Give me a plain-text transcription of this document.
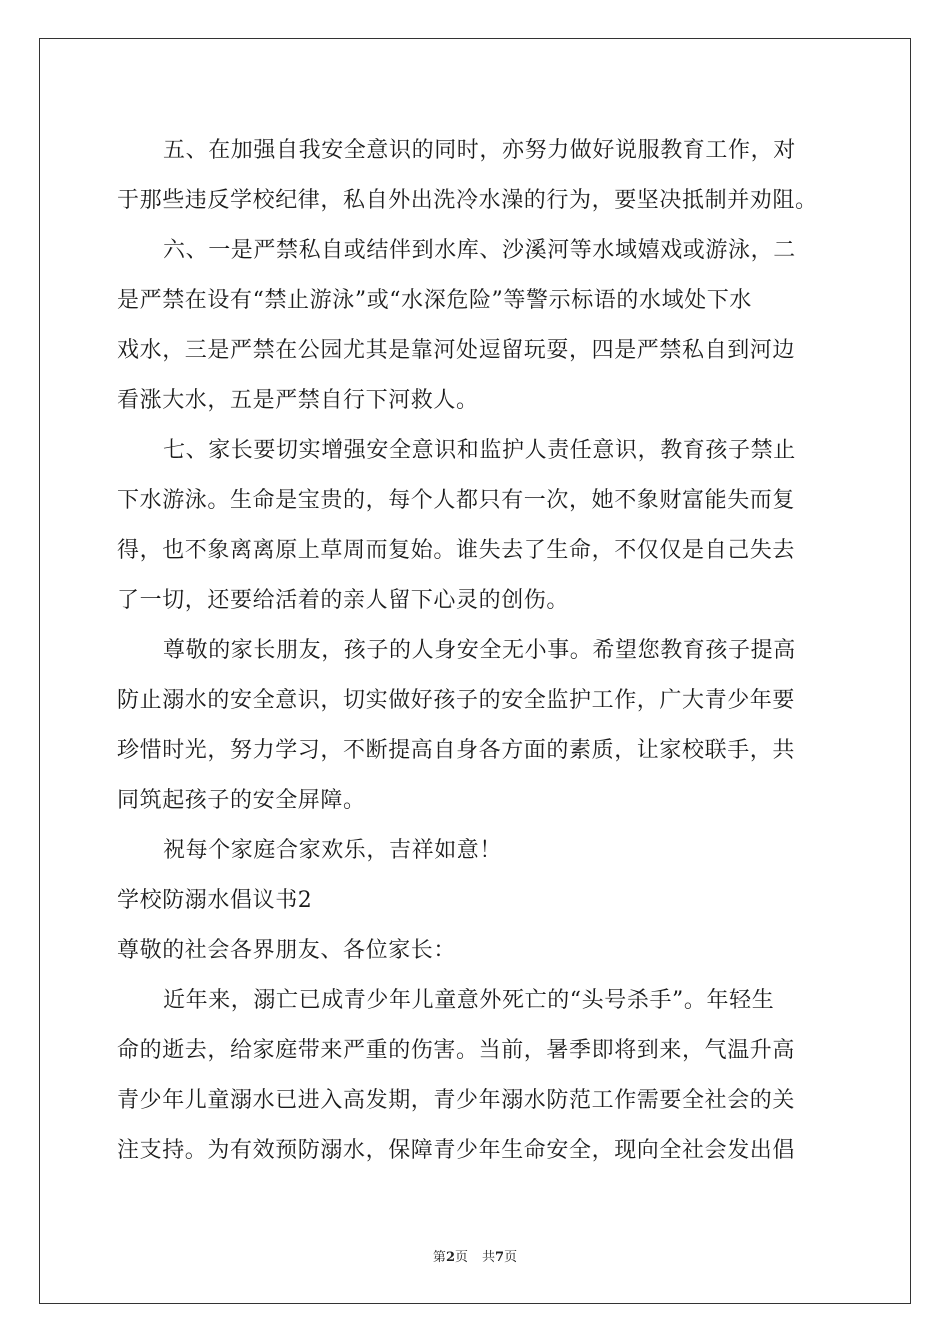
五、在加强自我安全意识的同时，亦努力做好说服教育工作，对
于那些违反学校纪律，私自外出洗冷水澡的行为，要坚决抵制并劝阻。
六、一是严禁私自或结伴到水库、沙溪河等水域嬉戏或游泳，二
是严禁在设有“禁止游泳”或“水深危险”等警示标语的水域处下水
戏水，三是严禁在公园尤其是靠河处逗留玩耍，四是严禁私自到河边
看涨大水，五是严禁自行下河救人。
七、家长要切实增强安全意识和监护人责任意识，教育孩子禁止
下水游泳。生命是宝贵的，每个人都只有一次，她不象财富能失而复
得，也不象离离原上草周而复始。谁失去了生命，不仅仅是自己失去
了一切，还要给活着的亲人留下心灵的创伤。
尊敬的家长朋友，孩子的人身安全无小事。希望您教育孩子提高
防止溺水的安全意识，切实做好孩子的安全监护工作，广大青少年要
珍惜时光，努力学习，不断提高自身各方面的素质，让家校联手，共
同筑起孩子的安全屏障。
祝每个家庭合家欢乐，吉祥如意！
学校防溺水倡议书2
尊敬的社会各界朋友、各位家长：
近年来，溺亡已成青少年儿童意外死亡的“头号杀手”。年轻生
命的逝去，给家庭带来严重的伤害。当前，暑季即将到来，气温升高
青少年儿童溺水已进入高发期，青少年溺水防范工作需要全社会的关
注支持。为有效预防溺水，保障青少年生命安全，现向全社会发出倡
第2页 共7页
